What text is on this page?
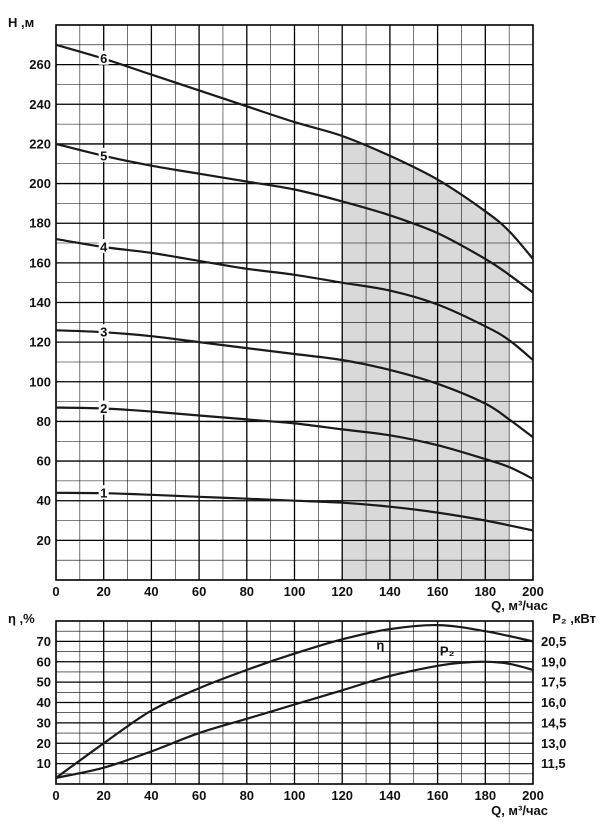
1
2
3
4
5
6
0	20	40	60	80 100 120 140 160 180 200
20
40
60
80
100
120
140
160
180
200
220
240
260
Н ,м
Q, м³/час
η	P₂
0	20	40	60	80 100 120 140 160 180 200
10
20
30
40
50
60
70
11,5
13,0
14,5
16,0
17,5
19,0
20,5
η ,%	P₂ ,кВт
Q, м³/час
